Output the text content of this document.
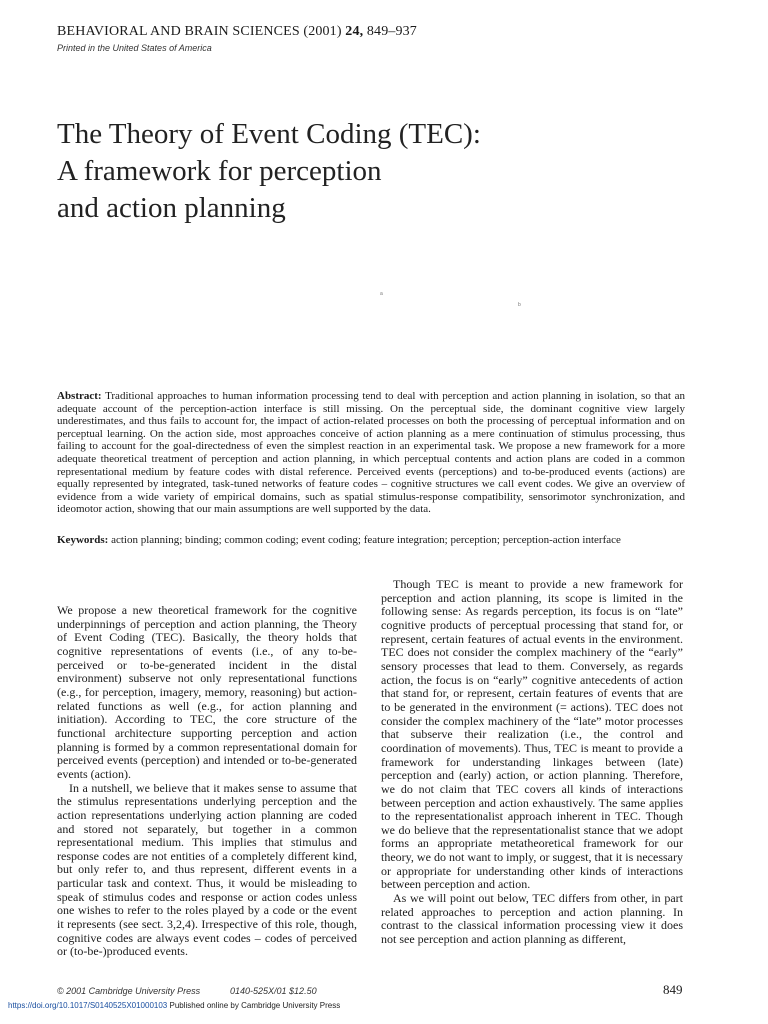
BEHAVIORAL AND BRAIN SCIENCES (2001) 24, 849–937
Printed in the United States of America
The Theory of Event Coding (TEC):
A framework for perception
and action planning
a
b
Abstract: Traditional approaches to human information processing tend to deal with perception and action planning in isolation, so that an adequate account of the perception-action interface is still missing. On the perceptual side, the dominant cognitive view largely underestimates, and thus fails to account for, the impact of action-related processes on both the processing of perceptual information and on perceptual learning. On the action side, most approaches conceive of action planning as a mere continuation of stimulus processing, thus failing to account for the goal-directedness of even the simplest reaction in an experimental task. We propose a new framework for a more adequate theoretical treatment of perception and action planning, in which perceptual contents and action plans are coded in a common representational medium by feature codes with distal reference. Perceived events (perceptions) and to-be-produced events (actions) are equally represented by integrated, task-tuned networks of feature codes – cognitive structures we call event codes. We give an overview of evidence from a wide variety of empirical domains, such as spatial stimulus-response compatibility, sensorimotor synchronization, and ideomotor action, showing that our main assumptions are well supported by the data.
Keywords: action planning; binding; common coding; event coding; feature integration; perception; perception-action interface

We propose a new theoretical framework for the cognitive underpinnings of perception and action planning, the Theory of Event Coding (TEC). Basically, the theory holds that cognitive representations of events (i.e., of any to-be-perceived or to-be-generated incident in the distal environment) subserve not only representational functions (e.g., for perception, imagery, memory, reasoning) but action-related functions as well (e.g., for action planning and initiation). According to TEC, the core structure of the functional architecture supporting perception and action planning is formed by a common representational domain for perceived events (perception) and intended or to-be-generated events (action).

In a nutshell, we believe that it makes sense to assume that the stimulus representations underlying perception and the action representations underlying action planning are coded and stored not separately, but together in a common representational medium. This implies that stimulus and response codes are not entities of a completely different kind, but only refer to, and thus represent, different events in a particular task and context. Thus, it would be misleading to speak of stimulus codes and response or action codes unless one wishes to refer to the roles played by a code or the event it represents (see sect. 3,2,4). Irrespective of this role, though, cognitive codes are always event codes – codes of perceived or (to-be-)produced events.

Though TEC is meant to provide a new framework for perception and action planning, its scope is limited in the following sense: As regards perception, its focus is on “late” cognitive products of perceptual processing that stand for, or represent, certain features of actual events in the environment. TEC does not consider the complex machinery of the “early” sensory processes that lead to them. Conversely, as regards action, the focus is on “early” cognitive antecedents of action that stand for, or represent, certain features of events that are to be generated in the environment (= actions). TEC does not consider the complex machinery of the “late” motor processes that subserve their realization (i.e., the control and coordination of movements). Thus, TEC is meant to provide a framework for understanding linkages between (late) perception and (early) action, or action planning. Therefore, we do not claim that TEC covers all kinds of interactions between perception and action exhaustively. The same applies to the representationalist approach inherent in TEC. Though we do believe that the representationalist stance that we adopt forms an appropriate metatheoretical framework for our theory, we do not want to imply, or suggest, that it is necessary or appropriate for understanding other kinds of interactions between perception and action.

As we will point out below, TEC differs from other, in part related approaches to perception and action planning. In contrast to the classical information processing view it does not see perception and action planning as different,

© 2001 Cambridge University Press	0140-525X/01 $12.50	849
https://doi.org/10.1017/S0140525X01000103 Published online by Cambridge University Press
